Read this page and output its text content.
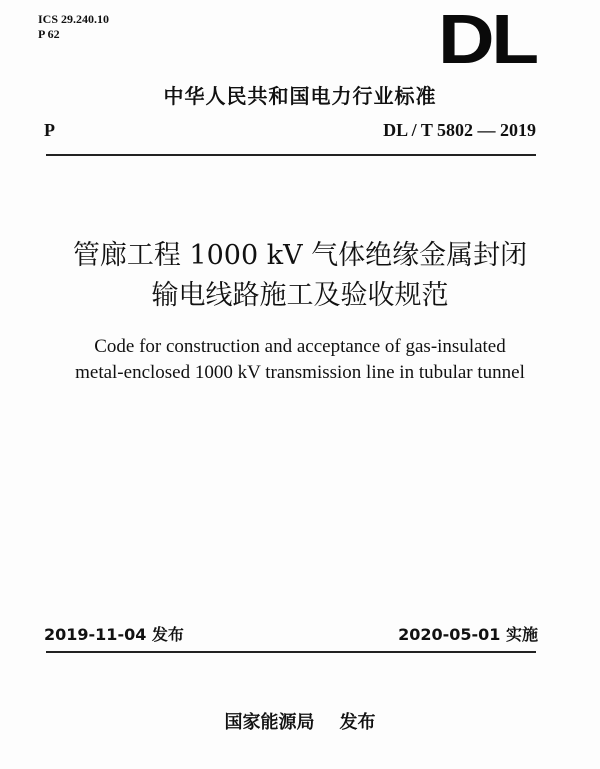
ICS 29.240.10
P 62	DL
中华人民共和国电力行业标准
P	DL / T 5802 — 2019
管廊工程 1000 kV 气体绝缘金属封闭
输电线路施工及验收规范
Code for construction and acceptance of gas-insulated
metal-enclosed 1000 kV transmission line in tubular tunnel
2019-11-04 发布	2020-05-01 实施
国家能源局    发布
